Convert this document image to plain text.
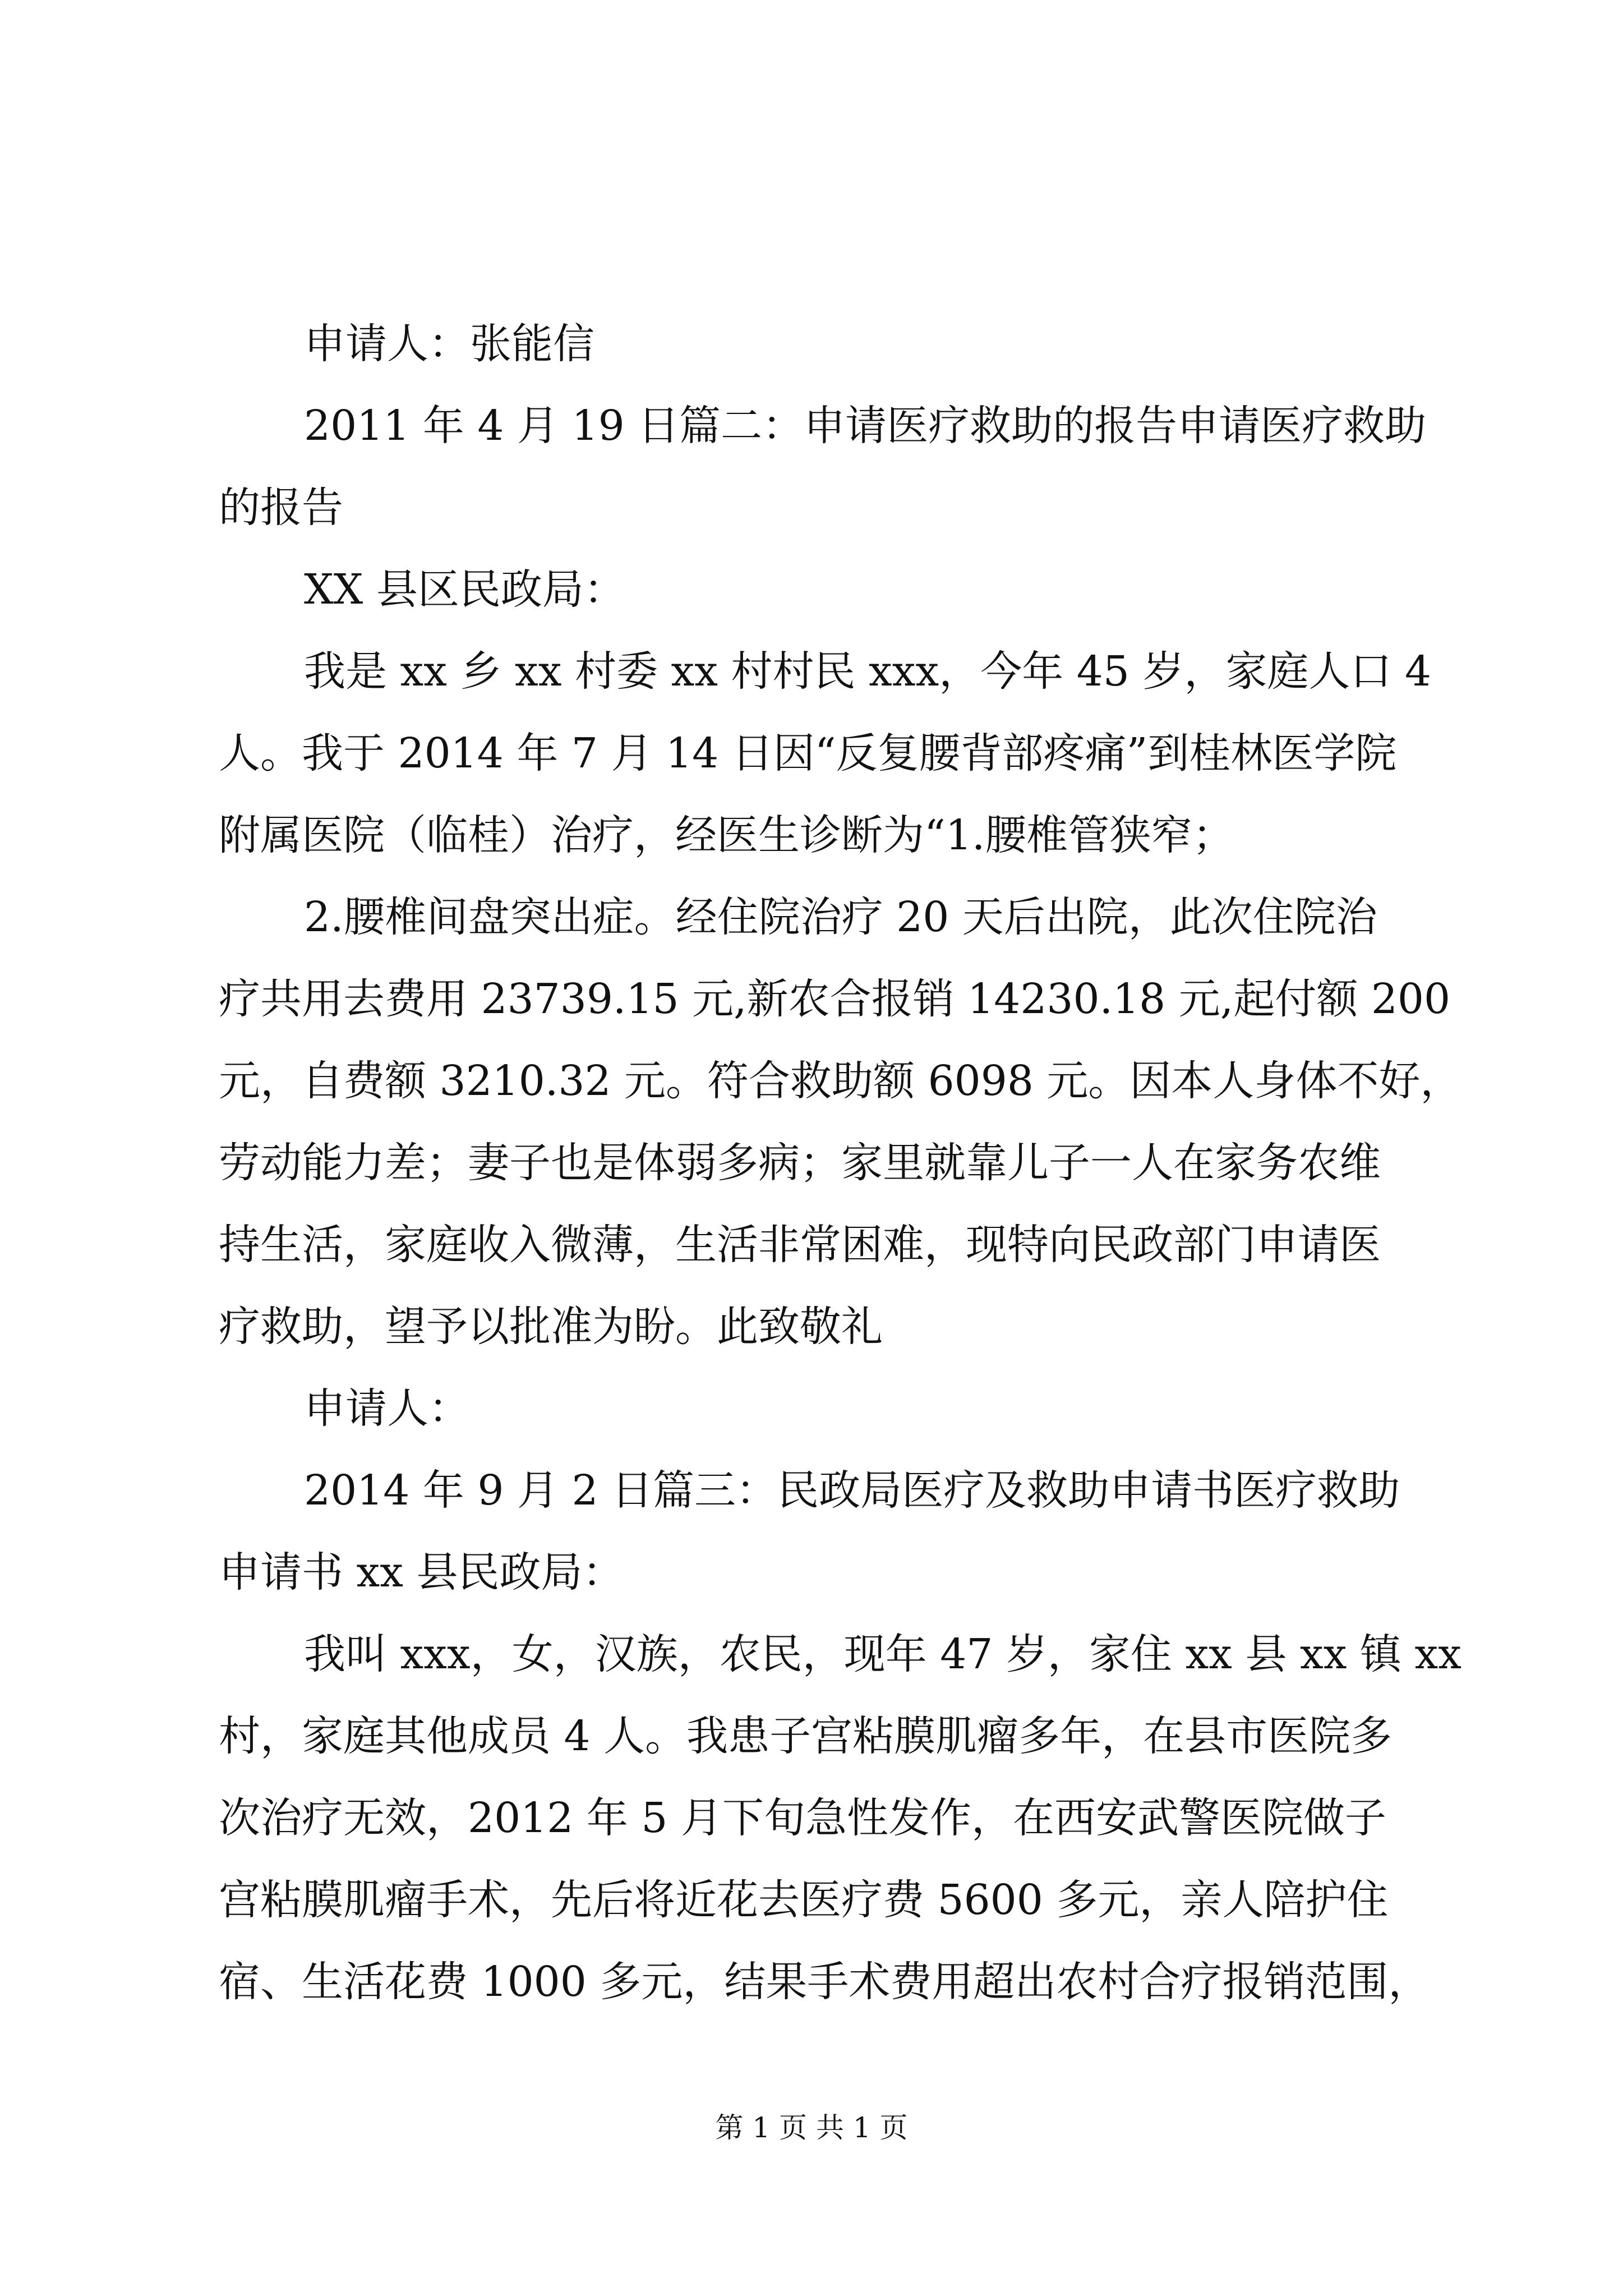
申请人：张能信
2011 年 4 月 19 日篇二：申请医疗救助的报告申请医疗救助
的报告
XX 县区民政局：
我是 xx 乡 xx 村委 xx 村村民 xxx，今年 45 岁，家庭人口 4
人。我于 2014 年 7 月 14 日因“反复腰背部疼痛”到桂林医学院
附属医院（临桂）治疗，经医生诊断为“1.腰椎管狭窄；
2.腰椎间盘突出症。经住院治疗 20 天后出院，此次住院治
疗共用去费用 23739.15 元,新农合报销 14230.18 元,起付额 200
元，自费额 3210.32 元。符合救助额 6098 元。因本人身体不好，
劳动能力差；妻子也是体弱多病；家里就靠儿子一人在家务农维
持生活，家庭收入微薄，生活非常困难，现特向民政部门申请医
疗救助，望予以批准为盼。此致敬礼
申请人：
2014 年 9 月 2 日篇三：民政局医疗及救助申请书医疗救助
申请书 xx 县民政局：
我叫 xxx，女，汉族，农民，现年 47 岁，家住 xx 县 xx 镇 xx
村，家庭其他成员 4 人。我患子宫粘膜肌瘤多年，在县市医院多
次治疗无效，2012 年 5 月下旬急性发作，在西安武警医院做子
宫粘膜肌瘤手术，先后将近花去医疗费 5600 多元，亲人陪护住
宿、生活花费 1000 多元，结果手术费用超出农村合疗报销范围，
第 1 页 共 1 页
